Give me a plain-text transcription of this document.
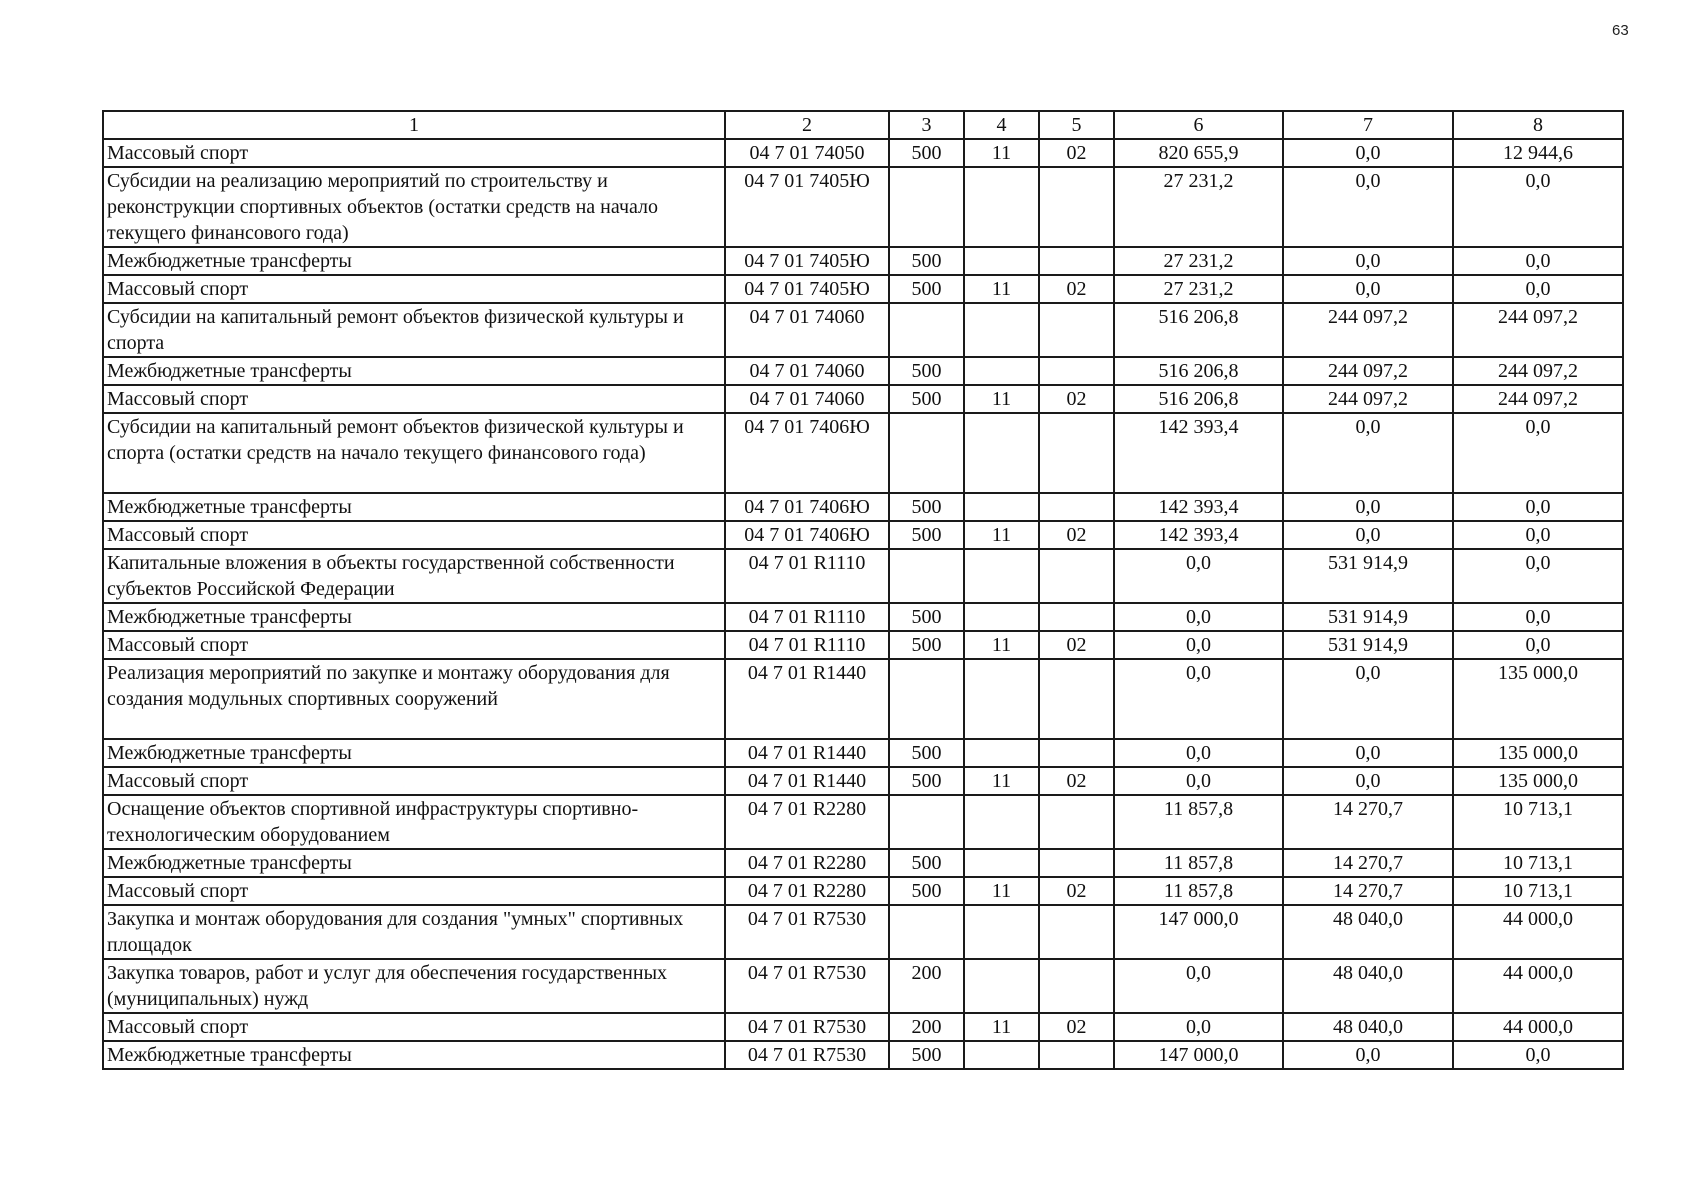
63
1	2	3	4	5	6	7	8
Массовый спорт	04 7 01 74050	500	11	02	820 655,9	0,0	12 944,6
Субсидии на реализацию мероприятий по строительству и реконструкции спортивных объектов (остатки средств на начало текущего финансового года)	04 7 01 7405Ю				27 231,2	0,0	0,0
Межбюджетные трансферты	04 7 01 7405Ю	500			27 231,2	0,0	0,0
Массовый спорт	04 7 01 7405Ю	500	11	02	27 231,2	0,0	0,0
Субсидии на капитальный ремонт объектов физической культуры и спорта	04 7 01 74060				516 206,8	244 097,2	244 097,2
Межбюджетные трансферты	04 7 01 74060	500			516 206,8	244 097,2	244 097,2
Массовый спорт	04 7 01 74060	500	11	02	516 206,8	244 097,2	244 097,2
Субсидии на капитальный ремонт объектов физической культуры и спорта (остатки средств на начало текущего финансового года)	04 7 01 7406Ю				142 393,4	0,0	0,0
Межбюджетные трансферты	04 7 01 7406Ю	500			142 393,4	0,0	0,0
Массовый спорт	04 7 01 7406Ю	500	11	02	142 393,4	0,0	0,0
Капитальные вложения в объекты государственной собственности субъектов Российской Федерации	04 7 01 R1110				0,0	531 914,9	0,0
Межбюджетные трансферты	04 7 01 R1110	500			0,0	531 914,9	0,0
Массовый спорт	04 7 01 R1110	500	11	02	0,0	531 914,9	0,0
Реализация мероприятий по закупке и монтажу оборудования для создания модульных спортивных сооружений	04 7 01 R1440				0,0	0,0	135 000,0
Межбюджетные трансферты	04 7 01 R1440	500			0,0	0,0	135 000,0
Массовый спорт	04 7 01 R1440	500	11	02	0,0	0,0	135 000,0
Оснащение объектов спортивной инфраструктуры спортивно-технологическим оборудованием	04 7 01 R2280				11 857,8	14 270,7	10 713,1
Межбюджетные трансферты	04 7 01 R2280	500			11 857,8	14 270,7	10 713,1
Массовый спорт	04 7 01 R2280	500	11	02	11 857,8	14 270,7	10 713,1
Закупка и монтаж оборудования для создания "умных" спортивных площадок	04 7 01 R7530				147 000,0	48 040,0	44 000,0
Закупка товаров, работ и услуг для обеспечения государственных (муниципальных) нужд	04 7 01 R7530	200			0,0	48 040,0	44 000,0
Массовый спорт	04 7 01 R7530	200	11	02	0,0	48 040,0	44 000,0
Межбюджетные трансферты	04 7 01 R7530	500			147 000,0	0,0	0,0
